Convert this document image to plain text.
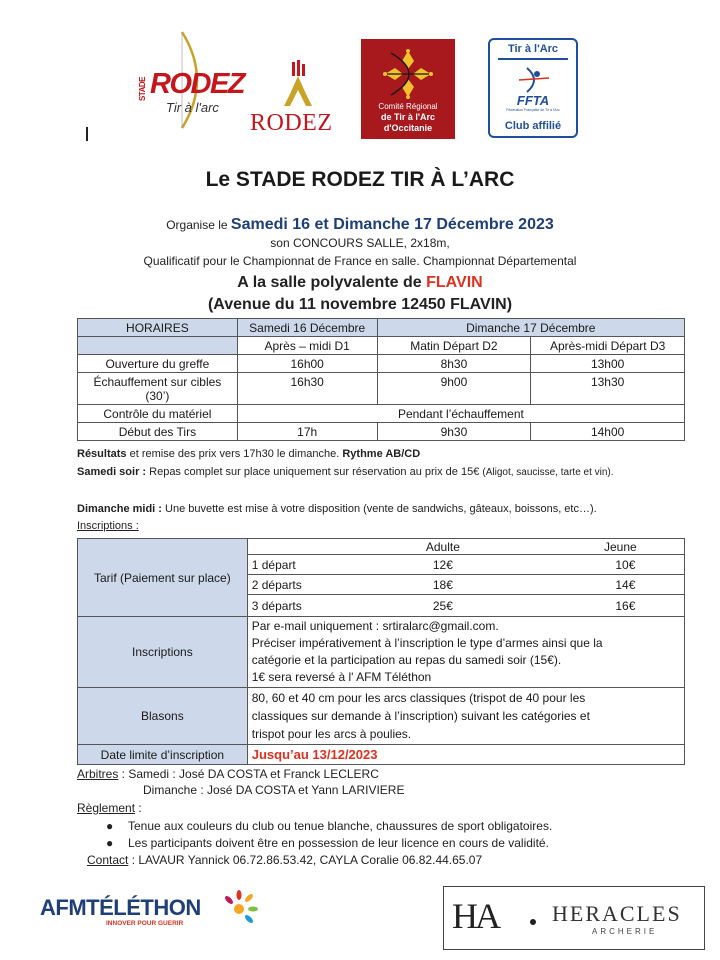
STADE RODEZ
Tir à l'arc
RODEZ
Comité Régional
de Tir à l'Arc
d'Occitanie
Tir à l'Arc
FFTA
Fédération Française de Tir à l'Arc
Club affilié
Le STADE RODEZ TIR À L’ARC
Organise le Samedi 16 et Dimanche 17 Décembre 2023
son CONCOURS SALLE, 2x18m,
Qualificatif pour le Championnat de France en salle. Championnat Départemental
A la salle polyvalente de FLAVIN
(Avenue du 11 novembre 12450 FLAVIN)
HORAIRES	Samedi 16 Décembre	Dimanche 17 Décembre	
	Après – midi D1	Matin Départ D2	Après-midi Départ D3
Ouverture du greffe	16h00	8h30	13h00
Échauffement sur cibles (30’)	16h30	9h00	13h30
Contrôle du matériel	Pendant l’échauffement		
Début des Tirs	17h	9h30	14h00
Résultats et remise des prix vers 17h30 le dimanche. Rythme AB/CD
Samedi soir : Repas complet sur place uniquement sur réservation au prix de 15€ (Aligot, saucisse, tarte et vin).
Dimanche midi : Une buvette est mise à votre disposition (vente de sandwichs, gâteaux, boissons, etc…).
Inscriptions :
Tarif (Paiement sur place)		Adulte	Jeune
	1 départ	12€	10€
	2 départs	18€	14€
	3 départs	25€	16€
Inscriptions	Par e-mail uniquement : srtiralarc@gmail.com.
Préciser impérativement à l’inscription le type d’armes ainsi que la
catégorie et la participation au repas du samedi soir (15€).
1€ sera reversé à l' AFM Téléthon		

Blasons	80, 60 et 40 cm pour les arcs classiques (trispot de 40 pour les
classiques sur demande à l’inscription) suivant les catégories et
trispot pour les arcs à poulies.		

Date limite d’inscription	Jusqu’au 13/12/2023		
Arbitres : Samedi : José DA COSTA et Franck LECLERC
Dimanche : José DA COSTA et Yann LARIVIERE
Règlement :
● Tenue aux couleurs du club ou tenue blanche, chaussures de sport obligatoires.
● Les participants doivent être en possession de leur licence en cours de validité.
Contact : LAVAUR Yannick 06.72.86.53.42, CAYLA Coralie 06.82.44.65.07
AFMTÉLÉTHON
INNOVER POUR GUERIR	HA HERACLES
ARCHERIE
